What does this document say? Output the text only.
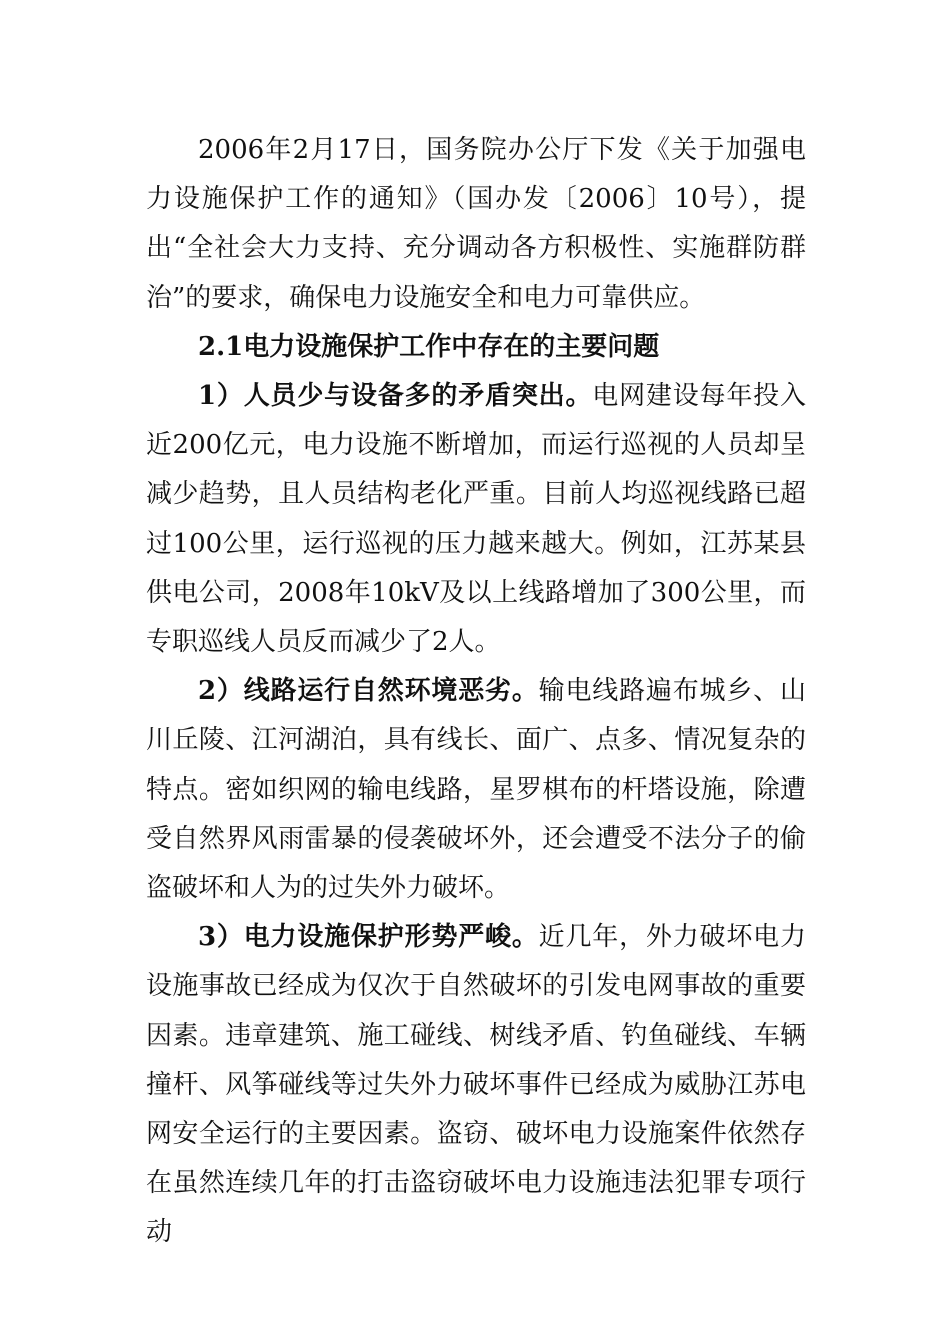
2006年2月17日，国务院办公厅下发《关于加强电力设施保护工作的通知》（国办发〔2006〕10号），提出“全社会大力支持、充分调动各方积极性、实施群防群治”的要求，确保电力设施安全和电力可靠供应。

2.1电力设施保护工作中存在的主要问题

1）人员少与设备多的矛盾突出。电网建设每年投入近200亿元，电力设施不断增加，而运行巡视的人员却呈减少趋势，且人员结构老化严重。目前人均巡视线路已超过100公里，运行巡视的压力越来越大。例如，江苏某县供电公司，2008年10kV及以上线路增加了300公里，而专职巡线人员反而减少了2人。

2）线路运行自然环境恶劣。输电线路遍布城乡、山川丘陵、江河湖泊，具有线长、面广、点多、情况复杂的特点。密如织网的输电线路，星罗棋布的杆塔设施，除遭受自然界风雨雷暴的侵袭破坏外，还会遭受不法分子的偷盗破坏和人为的过失外力破坏。

3）电力设施保护形势严峻。近几年，外力破坏电力设施事故已经成为仅次于自然破坏的引发电网事故的重要因素。违章建筑、施工碰线、树线矛盾、钓鱼碰线、车辆撞杆、风筝碰线等过失外力破坏事件已经成为威胁江苏电网安全运行的主要因素。盗窃、破坏电力设施案件依然存在虽然连续几年的打击盗窃破坏电力设施违法犯罪专项行动
